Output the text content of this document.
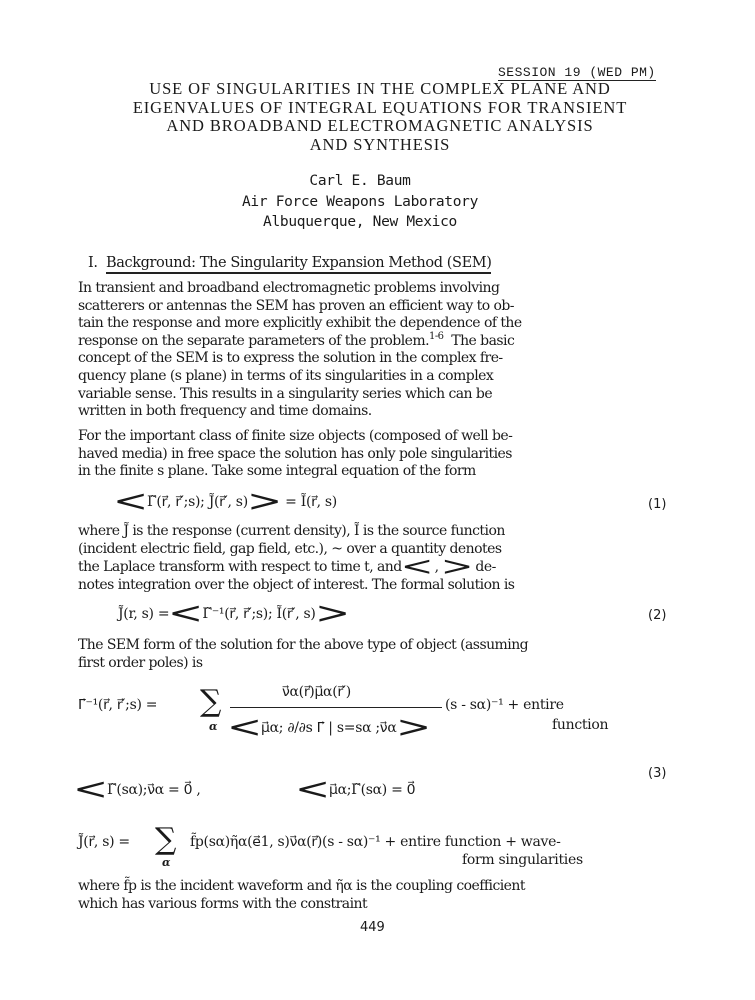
SESSION 19 (WED PM)
USE OF SINGULARITIES IN THE COMPLEX PLANE AND
EIGENVALUES OF INTEGRAL EQUATIONS FOR TRANSIENT
AND BROADBAND ELECTROMAGNETIC ANALYSIS
AND SYNTHESIS
Carl E. Baum
Air Force Weapons Laboratory
Albuquerque, New Mexico
I. Background: The Singularity Expansion Method (SEM)
In transient and broadband electromagnetic problems involving
scatterers or antennas the SEM has proven an efficient way to ob-
tain the response and more explicitly exhibit the dependence of the
response on the separate parameters of the problem.$^{1-6}$ The basic
concept of the SEM is to express the solution in the complex fre-
quency plane (s plane) in terms of its singularities in a complex
variable sense. This results in a singularity series which can be
written in both frequency and time domains.
For the important class of finite size objects (composed of well be-
haved media) in free space the solution has only pole singularities
in the finite s plane. Take some integral equation of the form
< Γ̃(r⃗, r⃗′;s); J̃(r⃗′, s) > = Ĩ(r⃗, s)	(1)
where J̃ is the response (current density), Ĩ is the source function
(incident electric field, gap field, etc.), ~ over a quantity denotes
the Laplace transform with respect to time t, and <  ,  > de-
notes integration over the object of interest. The formal solution is
J̃(r, s) = < Γ̃⁻¹(r⃗, r⃗′;s); Ĩ(r⃗′, s) >	(2)
The SEM form of the solution for the above type of object (assuming
first order poles) is
Γ⃗⁻¹(r⃗, r⃗′;s) = ∑
α
ν⃗α(r⃗)μ⃗α(r⃗′)
< μ⃗α; ∂/∂s Γ⃗ | s=sα ;ν⃗α >
(s - sα)⁻¹ + entire
function
< Γ̃(sα);ν⃗α = 0⃗ ,	< μ⃗α;Γ̃(sα) = 0⃗
(3)
J̃(r⃗, s) = ∑
α
f̃p(sα)η̃α(e⃗1, s)ν⃗α(r⃗)(s - sα)⁻¹ + entire function + wave-
form singularities
where f̃p is the incident waveform and η̃α is the coupling coefficient
which has various forms with the constraint
449
